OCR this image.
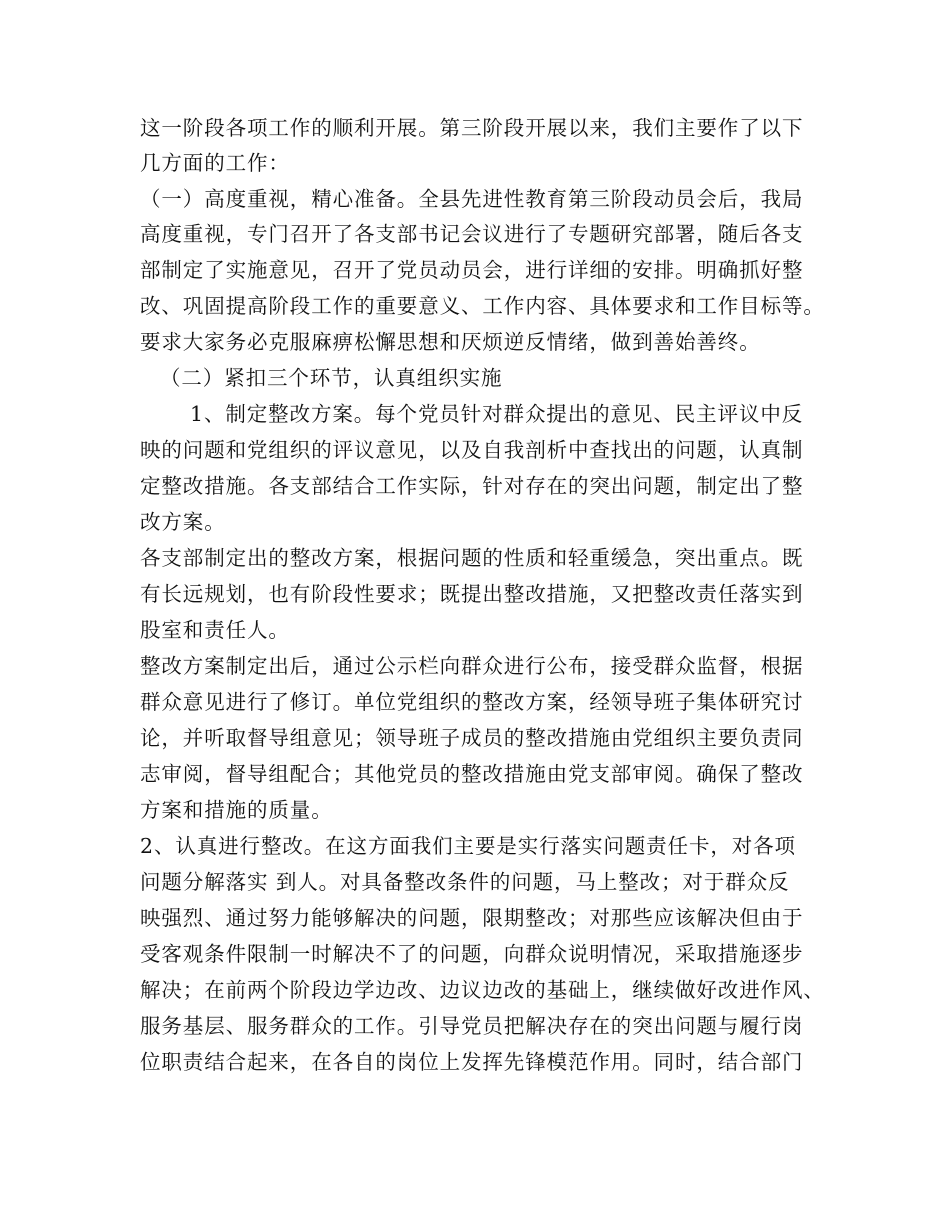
这一阶段各项工作的顺利开展。第三阶段开展以来，我们主要作了以下
几方面的工作：
（一）高度重视，精心准备。全县先进性教育第三阶段动员会后，我局
高度重视，专门召开了各支部书记会议进行了专题研究部署，随后各支
部制定了实施意见，召开了党员动员会，进行详细的安排。明确抓好整
改、巩固提高阶段工作的重要意义、工作内容、具体要求和工作目标等。
要求大家务必克服麻痹松懈思想和厌烦逆反情绪，做到善始善终。
（二）紧扣三个环节，认真组织实施
1、制定整改方案。每个党员针对群众提出的意见、民主评议中反
映的问题和党组织的评议意见，以及自我剖析中查找出的问题，认真制
定整改措施。各支部结合工作实际，针对存在的突出问题，制定出了整
改方案。
各支部制定出的整改方案，根据问题的性质和轻重缓急，突出重点。既
有长远规划，也有阶段性要求；既提出整改措施，又把整改责任落实到
股室和责任人。
整改方案制定出后，通过公示栏向群众进行公布，接受群众监督，根据
群众意见进行了修订。单位党组织的整改方案，经领导班子集体研究讨
论，并听取督导组意见；领导班子成员的整改措施由党组织主要负责同
志审阅，督导组配合；其他党员的整改措施由党支部审阅。确保了整改
方案和措施的质量。
2、认真进行整改。在这方面我们主要是实行落实问题责任卡，对各项
问题分解落实 到人。对具备整改条件的问题，马上整改；对于群众反
映强烈、通过努力能够解决的问题，限期整改；对那些应该解决但由于
受客观条件限制一时解决不了的问题，向群众说明情况，采取措施逐步
解决；在前两个阶段边学边改、边议边改的基础上，继续做好改进作风、
服务基层、服务群众的工作。引导党员把解决存在的突出问题与履行岗
位职责结合起来，在各自的岗位上发挥先锋模范作用。同时，结合部门
